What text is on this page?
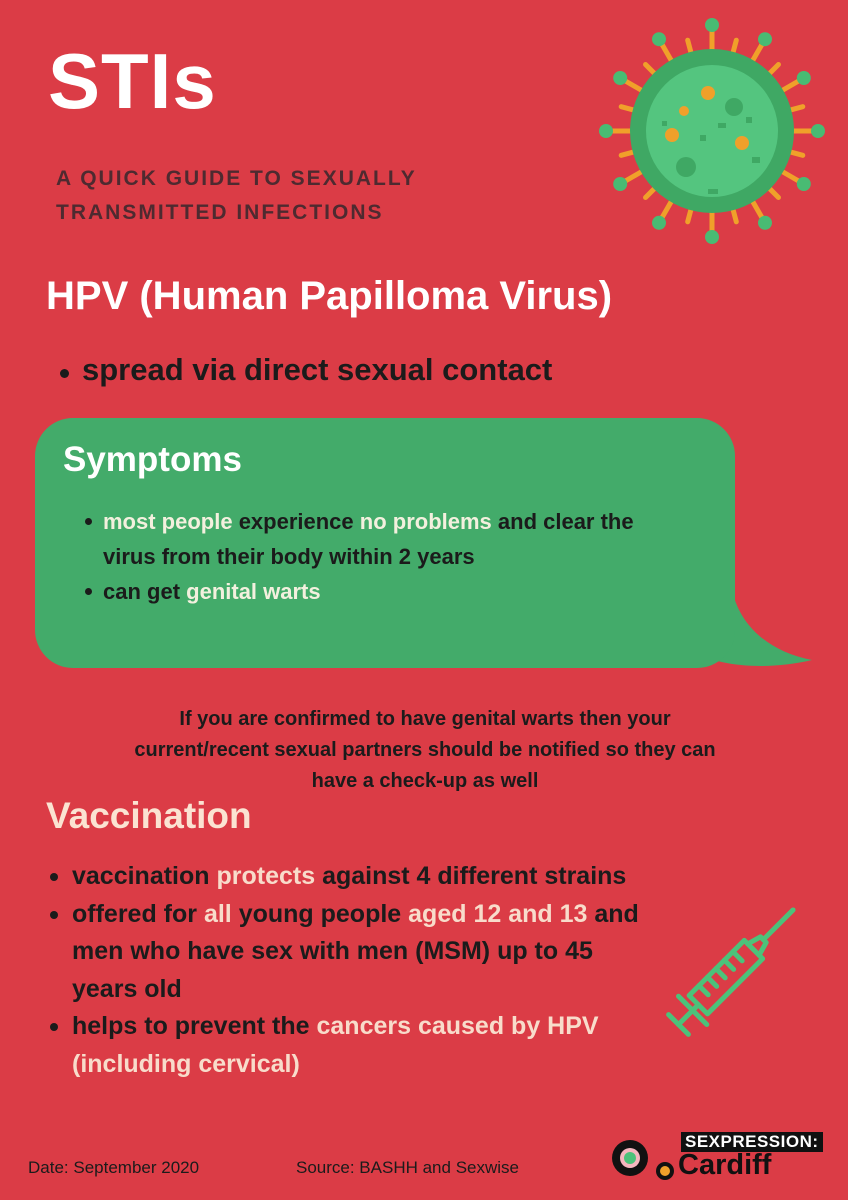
STIs

A QUICK GUIDE TO SEXUALLY
TRANSMITTED INFECTIONS

HPV (Human Papilloma Virus)
spread via direct sexual contact
Symptoms
most people experience no problems and clear the virus from their body within 2 years
can get genital warts

If you are confirmed to have genital warts then your
current/recent sexual partners should be notified so they can
have a check-up as well

Vaccination
vaccination protects against 4 different strains
offered for all young people aged 12 and 13 and men who have sex with men (MSM) up to 45 years old
helps to prevent the cancers caused by HPV (including cervical)
Date: September 2020	Source: BASHH and Sexwise
SEXPRESSION:
Cardiff
